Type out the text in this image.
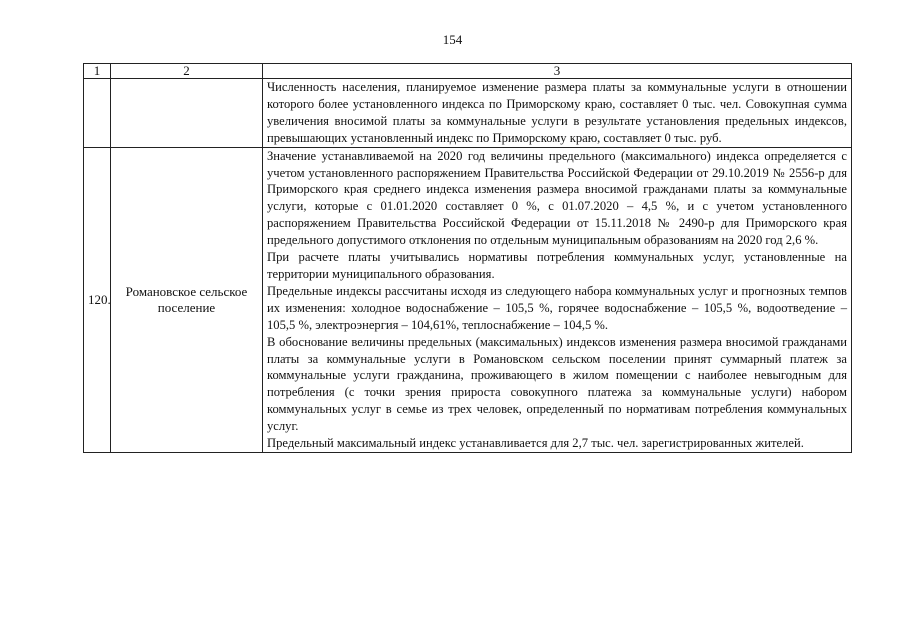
154
1	2	3

		Численность населения, планируемое изменение размера платы за коммунальные услуги в отношении которого более установленного индекса по Приморскому краю, составляет 0 тыс. чел. Совокупная сумма увеличения вносимой платы за коммунальные услуги в результате установления предельных индексов, превышающих установленный индекс по Приморскому краю, составляет 0 тыс. руб.

120.	Романовское сельское поселение	Значение устанавливаемой на 2020 год величины предельного (максимального) индекса определяется с учетом установленного распоряжением Правительства Российской Федерации от 29.10.2019 № 2556-р для Приморского края среднего индекса изменения размера вносимой гражданами платы за коммунальные услуги, которые с 01.01.2020 составляет 0 %, с 01.07.2020 – 4,5 %, и с учетом установленного распоряжением Правительства Российской Федерации от 15.11.2018 № 2490-р для Приморского края предельного допустимого отклонения по отдельным муниципальным образованиям на 2020 год 2,6 %.

При расчете платы учитывались нормативы потребления коммунальных услуг, установленные на территории муниципального образования.

Предельные индексы рассчитаны исходя из следующего набора коммунальных услуг и прогнозных темпов их изменения: холодное водоснабжение – 105,5 %, горячее водоснабжение – 105,5 %, водоотведение – 105,5 %, электроэнергия – 104,61%, теплоснабжение – 104,5 %.

В обоснование величины предельных (максимальных) индексов изменения размера вносимой гражданами платы за коммунальные услуги в Романовском сельском поселении принят суммарный платеж за коммунальные услуги гражданина, проживающего в жилом помещении с наиболее невыгодным для потребления (с точки зрения прироста совокупного платежа за коммунальные услуги) набором коммунальных услуг в семье из трех человек, определенный по нормативам потребления коммунальных услуг.

Предельный максимальный индекс устанавливается для 2,7 тыс. чел. зарегистрированных жителей.
